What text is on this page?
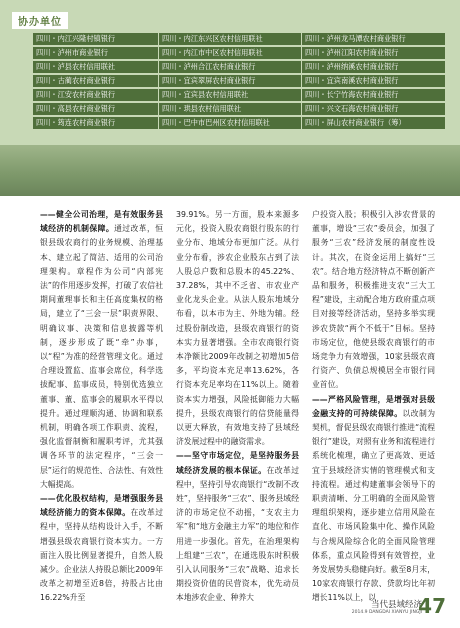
协办单位
四川・内江兴隆村镇银行
四川・泸州市商业银行
四川・泸县农村信用联社
四川・古蔺农村商业银行
四川・江安农村商业银行
四川・高县农村商业银行
四川・筠连农村商业银行
四川・内江东兴区农村信用联社
四川・内江市中区农村信用联社
四川・泸州合江农村商业银行
四川・宜宾翠屏农村商业银行
四川・宜宾县农村信用联社
四川・珙县农村信用联社
四川・巴中市巴州区农村信用联社
四川・泸州龙马潭农村商业银行
四川・泸州江阳农村商业银行
四川・泸州纳溪农村商业银行
四川・宜宾南溪农村商业银行
四川・长宁竹海农村商业银行
四川・兴文石海农村商业银行
四川・屏山农村商业银行（筹）

——健全公司治理，是有效服务县域经济的机制保障。通过改革，恒银县级农商行的业务规模、治理基本、建立起了简洁、适用的公司治理架构。章程作为公司“内部宪法”的作用逐步发挥，打破了农信社期间董理事长和主任高度集权的格局，建立了“三会一层”职责界限、明确议事、决策和信息披露等机制，逐步形成了既“牵”办事，以“程”为准的经营管理文化。通过合理设置监、监事会席位，科学选拔配事、监事成员，特别优选独立董事、董、监事会的履职水平得以提升。通过理顺沟通、协调和联系机制，明确各项工作职责、流程，强化监督制衡和履职考评，尤其强调各环节的法定程序，“三会一层”运行的规范性、合法性、有效性大幅提高。

——优化股权结构，是增强服务县域经济能力的资本保障。在改革过程中，坚持从结构设计入手，不断增强县级农商银行资本实力。一方面注入股比例显著提升，自然人股减少。企业法人持股总额比2009年改革之初增至近8倍，持股占比由16.22%升至

39.91%。另一方面，股本来源多元化，投资入股农商银行股东的行业分布、地域分布更加广泛。从行业分布看，涉农企业股东占到了法人股总户数和总股本的45.22%、37.28%，其中不乏省、市农业产业化龙头企业。从法人股东地域分布看，以本市为主、外地为辅。经过股份制改造，县级农商银行的资本实力显著增强。全市农商银行资本净额比2009年改制之初增加5倍多，平均资本充足率13.62%，各行资本充足率均在11%以上。随着资本实力增强，风险抵御能力大幅提升，县级农商银行的信贷能量得以更大释放，有效地支持了县域经济发展过程中的融资需求。

——坚守市场定位，是坚持服务县域经济发展的根本保证。在改革过程中，坚持引导农商银行“改制不改姓”，坚持服务“三农”、服务县域经济的市场定位不动摇，“支农主力军”和“地方金融主力军”的地位和作用进一步强化。首先，在治理架构上组建“三农”，在通选股东时积极引入认同服务“三农”战略、追求长期投资价值的民营资本，优先动员本地涉农企业、种养大

户投资入股；积极引入涉农背景的董事，增设“三农”委员会，加强了服务“三农”经济发展的制度性设计。其次，在资金运用上搞好“三农”。结合地方经济特点不断创新产品和服务，积极推进支农“三大工程”建设，主动配合地方政府重点项目对接等经济活动，坚持多举实现涉农贷款“两个不低于”目标。坚持市场定位，他使县级农商银行的市场竞争力有效增强，10家县级农商行资产、负债总规模居全市银行同业首位。

——严格风险管理，是增强对县级金融支持的可持续保障。以改制为契机，督促县级农商银行推进“流程银行”建设，对照有业务和流程进行系统化梳理，确立了更高效、更适宜于县域经济实情的管理模式和支持流程。通过构建董事会领导下的职责清晰、分工明确的全面风险管理组织架构，逐步建立信用风险在直化、市场风险集中化、操作风险与合规风险综合化的全面风险管理体系，重点风险得到有效管控，业务发展势头稳健向好。截至8月末，10家农商银行存款、贷款均比年初增长11%以上，以

当代县域经济
2014.9 DANGDAI XIANYU JINGJI
47
